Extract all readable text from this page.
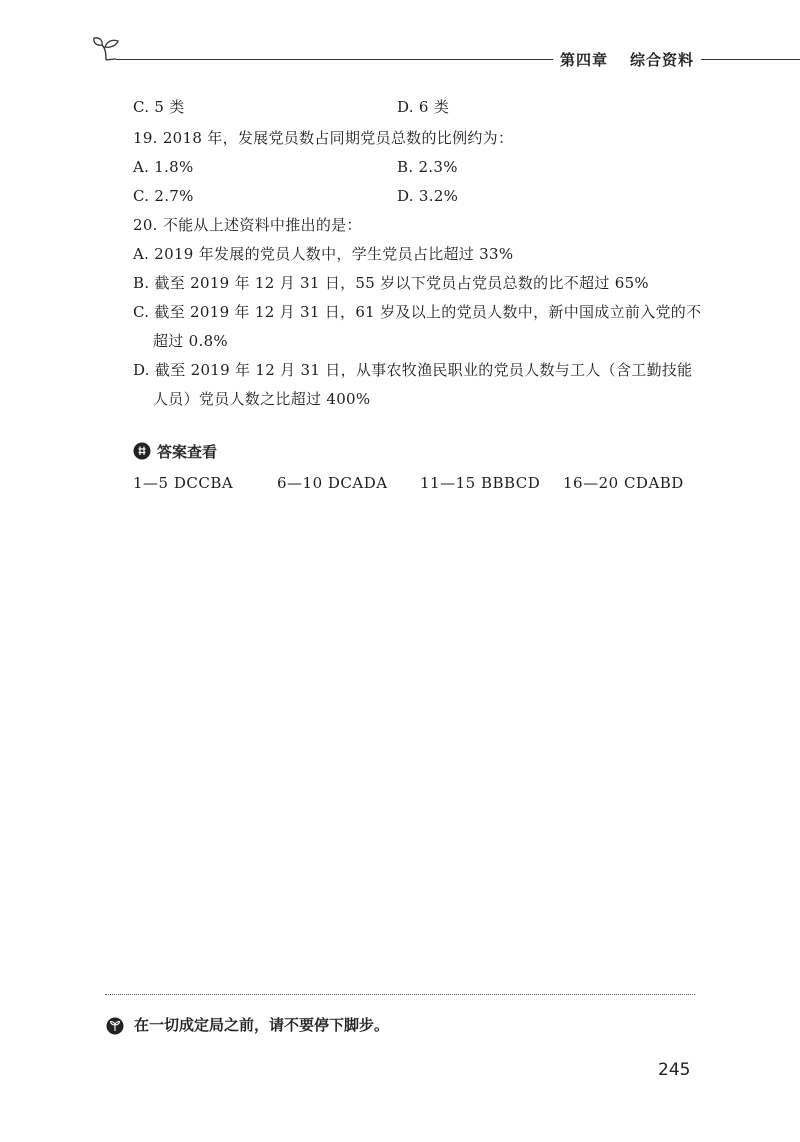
第四章 综合资料
C. 5 类	D. 6 类
19. 2018 年，发展党员数占同期党员总数的比例约为：
A. 1.8%	B. 2.3%
C. 2.7%	D. 3.2%
20. 不能从上述资料中推出的是：
A. 2019 年发展的党员人数中，学生党员占比超过 33%
B. 截至 2019 年 12 月 31 日，55 岁以下党员占党员总数的比不超过 65%
C. 截至 2019 年 12 月 31 日，61 岁及以上的党员人数中，新中国成立前入党的不
超过 0.8%
D. 截至 2019 年 12 月 31 日，从事农牧渔民职业的党员人数与工人（含工勤技能
人员）党员人数之比超过 400%
答案查看
1—5 DCCBA	6—10 DCADA 11—15 BBBCD 16—20 CDABD
在一切成定局之前，请不要停下脚步。
245
